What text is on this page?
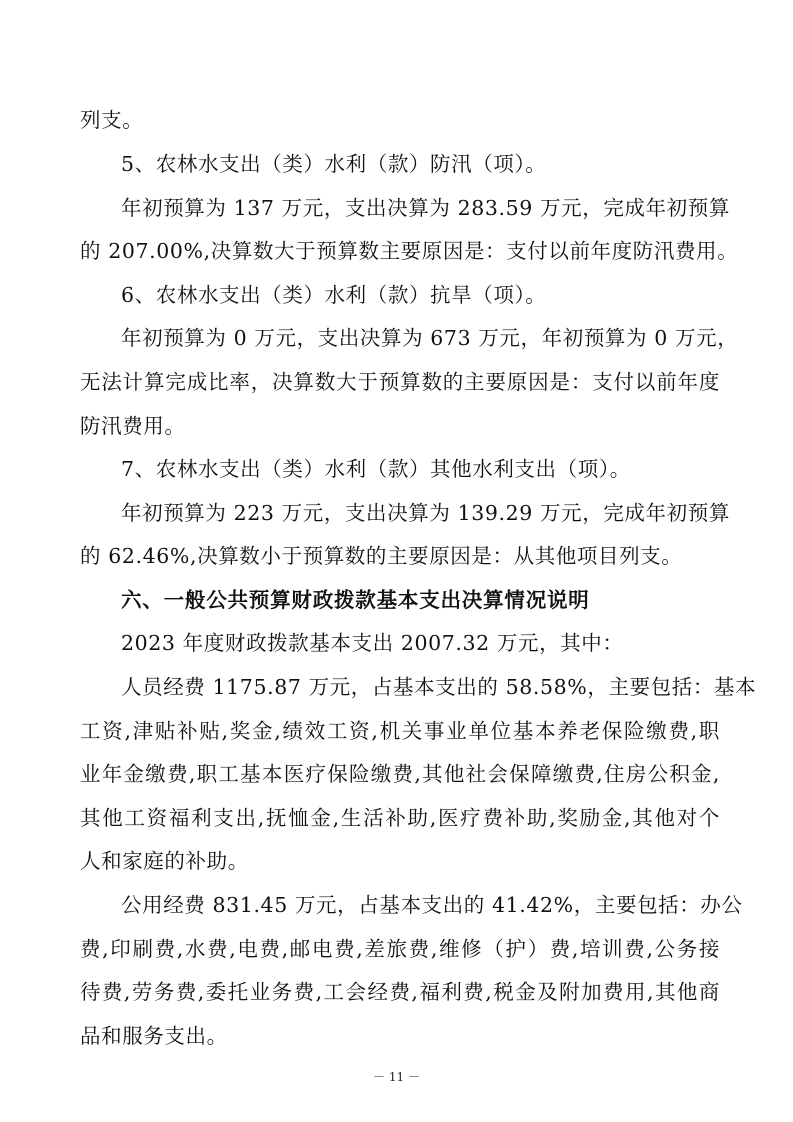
列支。
5、农林水支出（类）水利（款）防汛（项）。
年初预算为 137 万元，支出决算为 283.59 万元，完成年初预算
的 207.00%,决算数大于预算数主要原因是：支付以前年度防汛费用。
6、农林水支出（类）水利（款）抗旱（项）。
年初预算为 0 万元，支出决算为 673 万元，年初预算为 0 万元，
无法计算完成比率，决算数大于预算数的主要原因是：支付以前年度
防汛费用。
7、农林水支出（类）水利（款）其他水利支出（项）。
年初预算为 223 万元，支出决算为 139.29 万元，完成年初预算
的 62.46%,决算数小于预算数的主要原因是：从其他项目列支。
六、一般公共预算财政拨款基本支出决算情况说明
2023 年度财政拨款基本支出 2007.32 万元，其中：
人员经费 1175.87 万元，占基本支出的 58.58%，主要包括：基本
工资,津贴补贴,奖金,绩效工资,机关事业单位基本养老保险缴费,职
业年金缴费,职工基本医疗保险缴费,其他社会保障缴费,住房公积金,
其他工资福利支出,抚恤金,生活补助,医疗费补助,奖励金,其他对个
人和家庭的补助。
公用经费 831.45 万元，占基本支出的 41.42%，主要包括：办公
费,印刷费,水费,电费,邮电费,差旅费,维修（护）费,培训费,公务接
待费,劳务费,委托业务费,工会经费,福利费,税金及附加费用,其他商
品和服务支出。
－ 11 －
